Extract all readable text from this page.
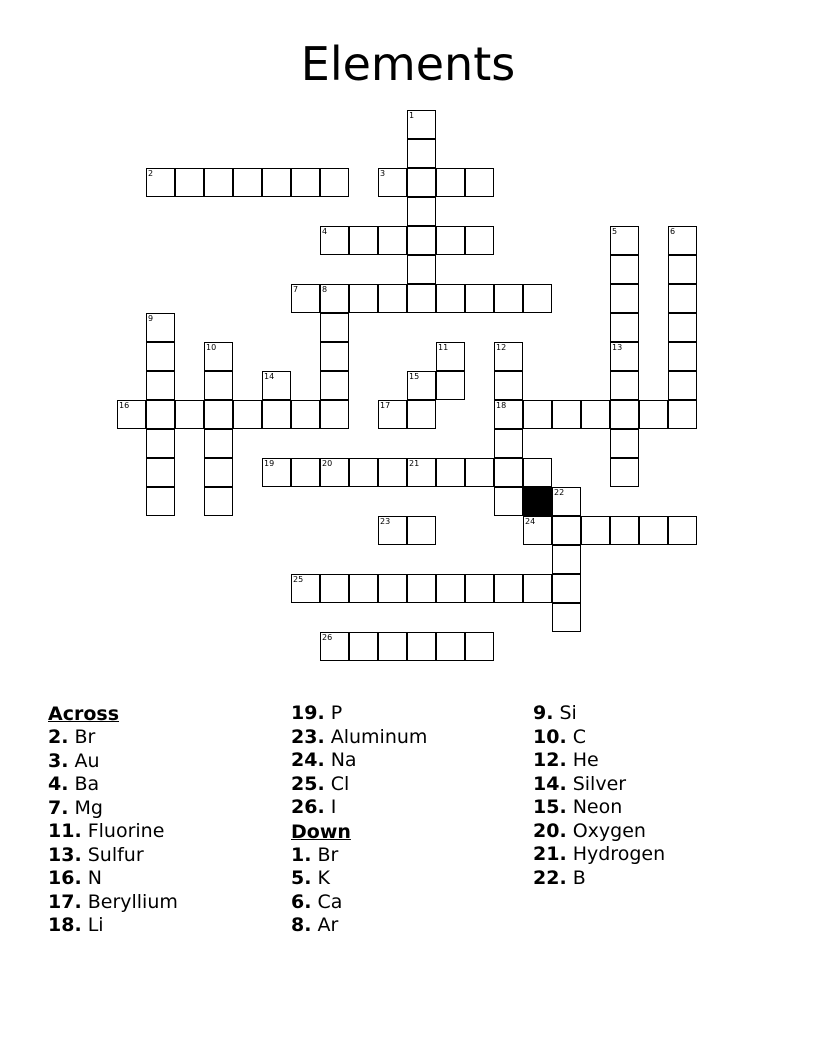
Elements
1
2	3
4	5	6
7	8
9
10	11	12	13
14	15
16	17	18
19	20	21
22
23	24
25
26
Across
2. Br
3. Au
4. Ba
7. Mg
11. Fluorine
13. Sulfur
16. N
17. Beryllium
18. Li
19. P
23. Aluminum
24. Na
25. Cl
26. I
Down
1. Br
5. K
6. Ca
8. Ar
9. Si
10. C
12. He
14. Silver
15. Neon
20. Oxygen
21. Hydrogen
22. B
